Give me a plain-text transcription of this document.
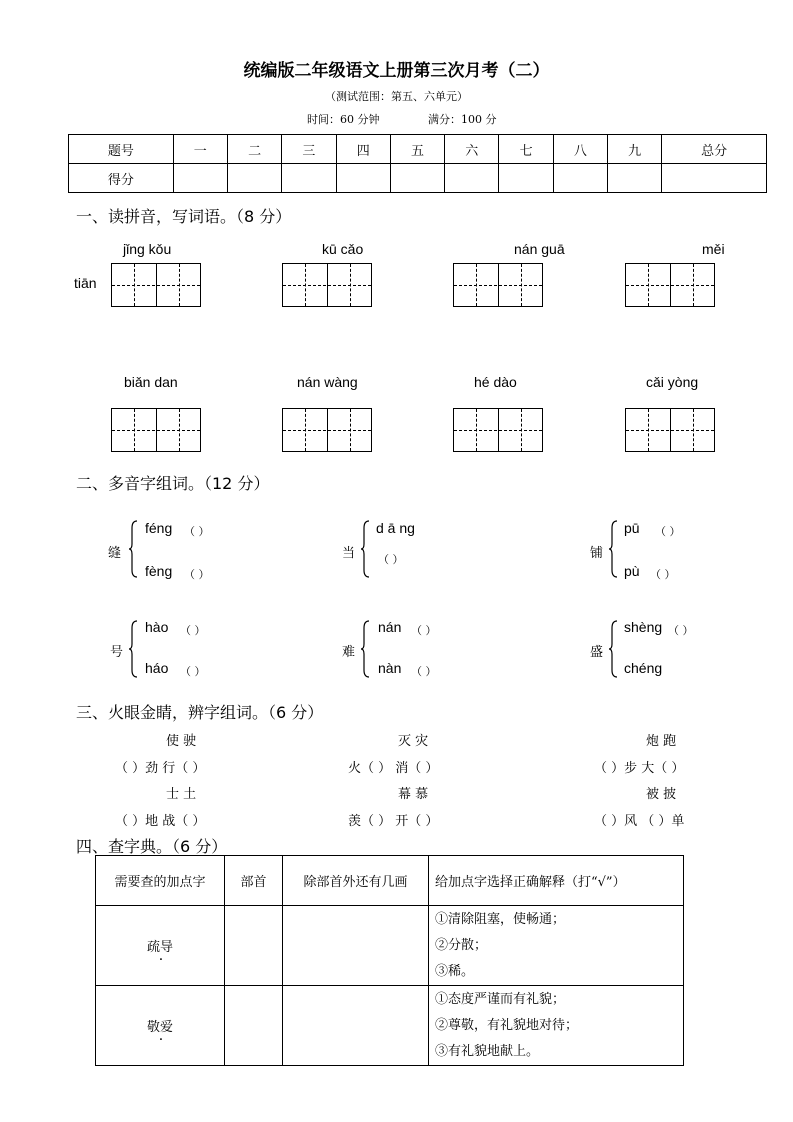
统编版二年级语文上册第三次月考（二）
（测试范围：第五、六单元）
时间：60 分钟	满分：100 分
题号	一	二	三	四	五	六	七	八	九	总分
得分										
一、读拼音，写词语。（8 分）
jǐng kǒu	kū cǎo	nán guā	měi
tiān
biǎn dan	nán wàng	hé dào	cǎi yòng
二、多音字组词。（12 分）
缝
féng （ ）
fèng （ ）
当
d ā ng
（ ）	铺
pū （ ）
pù （ ）
号
hào （ ）
háo （ ）
难
nán （ ）
nàn （ ）
盛
shèng （ ）
chéng
三、火眼金睛，辨字组词。（6 分）
使 驶
（ ）劲 行（ ）
灭 灾
火（ ） 消（ ）
炮 跑
（ ）步 大（ ）
士 土
（ ）地 战（ ）
幕 慕
羡（ ） 开（ ）
被 披
（ ）风 （ ）单
四、查字典。（6 分）
需要查的加点字	部首	除部首外还有几画	给加点字选择正确解释（打“√”）
疏导			①清除阻塞，使畅通；
②分散；
③稀。

敬爱			①态度严谨而有礼貌；
②尊敬，有礼貌地对待；
③有礼貌地献上。
